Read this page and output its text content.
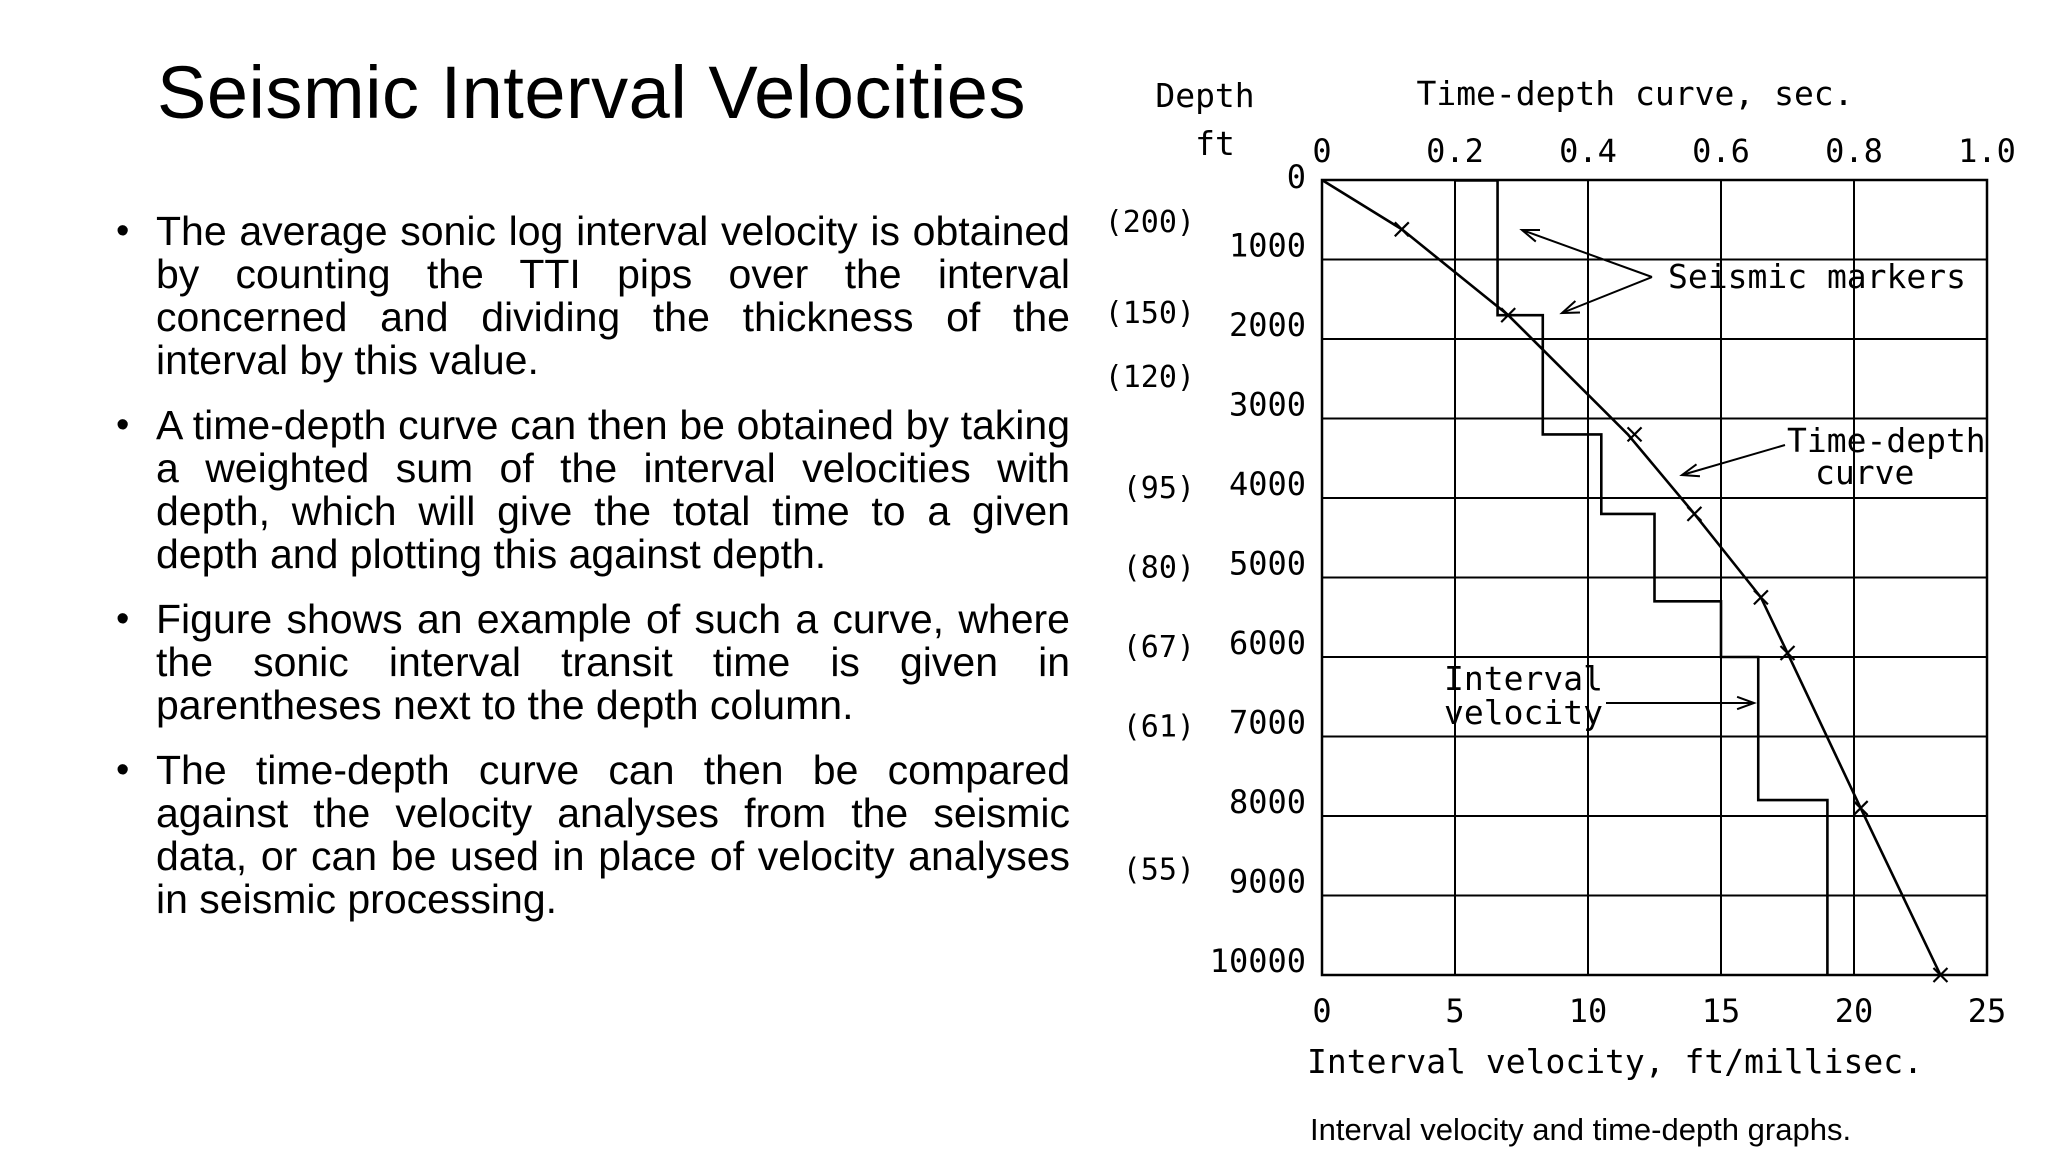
Seismic Interval Velocities
• The average sonic log interval velocity is obtained by counting the TTI pips over the interval concerned and dividing the thickness of the interval by this value.
• A time-depth curve can then be obtained by taking a weighted sum of the interval velocities with depth, which will give the total time to a given depth and plotting this against depth.
• Figure shows an example of such a curve, where the sonic interval transit time is given in parentheses next to the depth column.
• The time-depth curve can then be compared against the velocity analyses from the seismic data, or can be used in place of velocity analyses in seismic processing.
Depth
ft
Time-depth curve, sec.
Interval velocity, ft/millisec.
Seismic markers
Time-depth
curve
Interval
velocity
0	0.2 0.4 0.6 0.8 1.0
0	5	10	15	20	25
0
1000
2000
3000
4000
5000
6000
7000
8000
9000
10000
(200)
(150)
(120)
(95)
(80)
(67)
(61)
(55)
Interval velocity and time-depth graphs.
